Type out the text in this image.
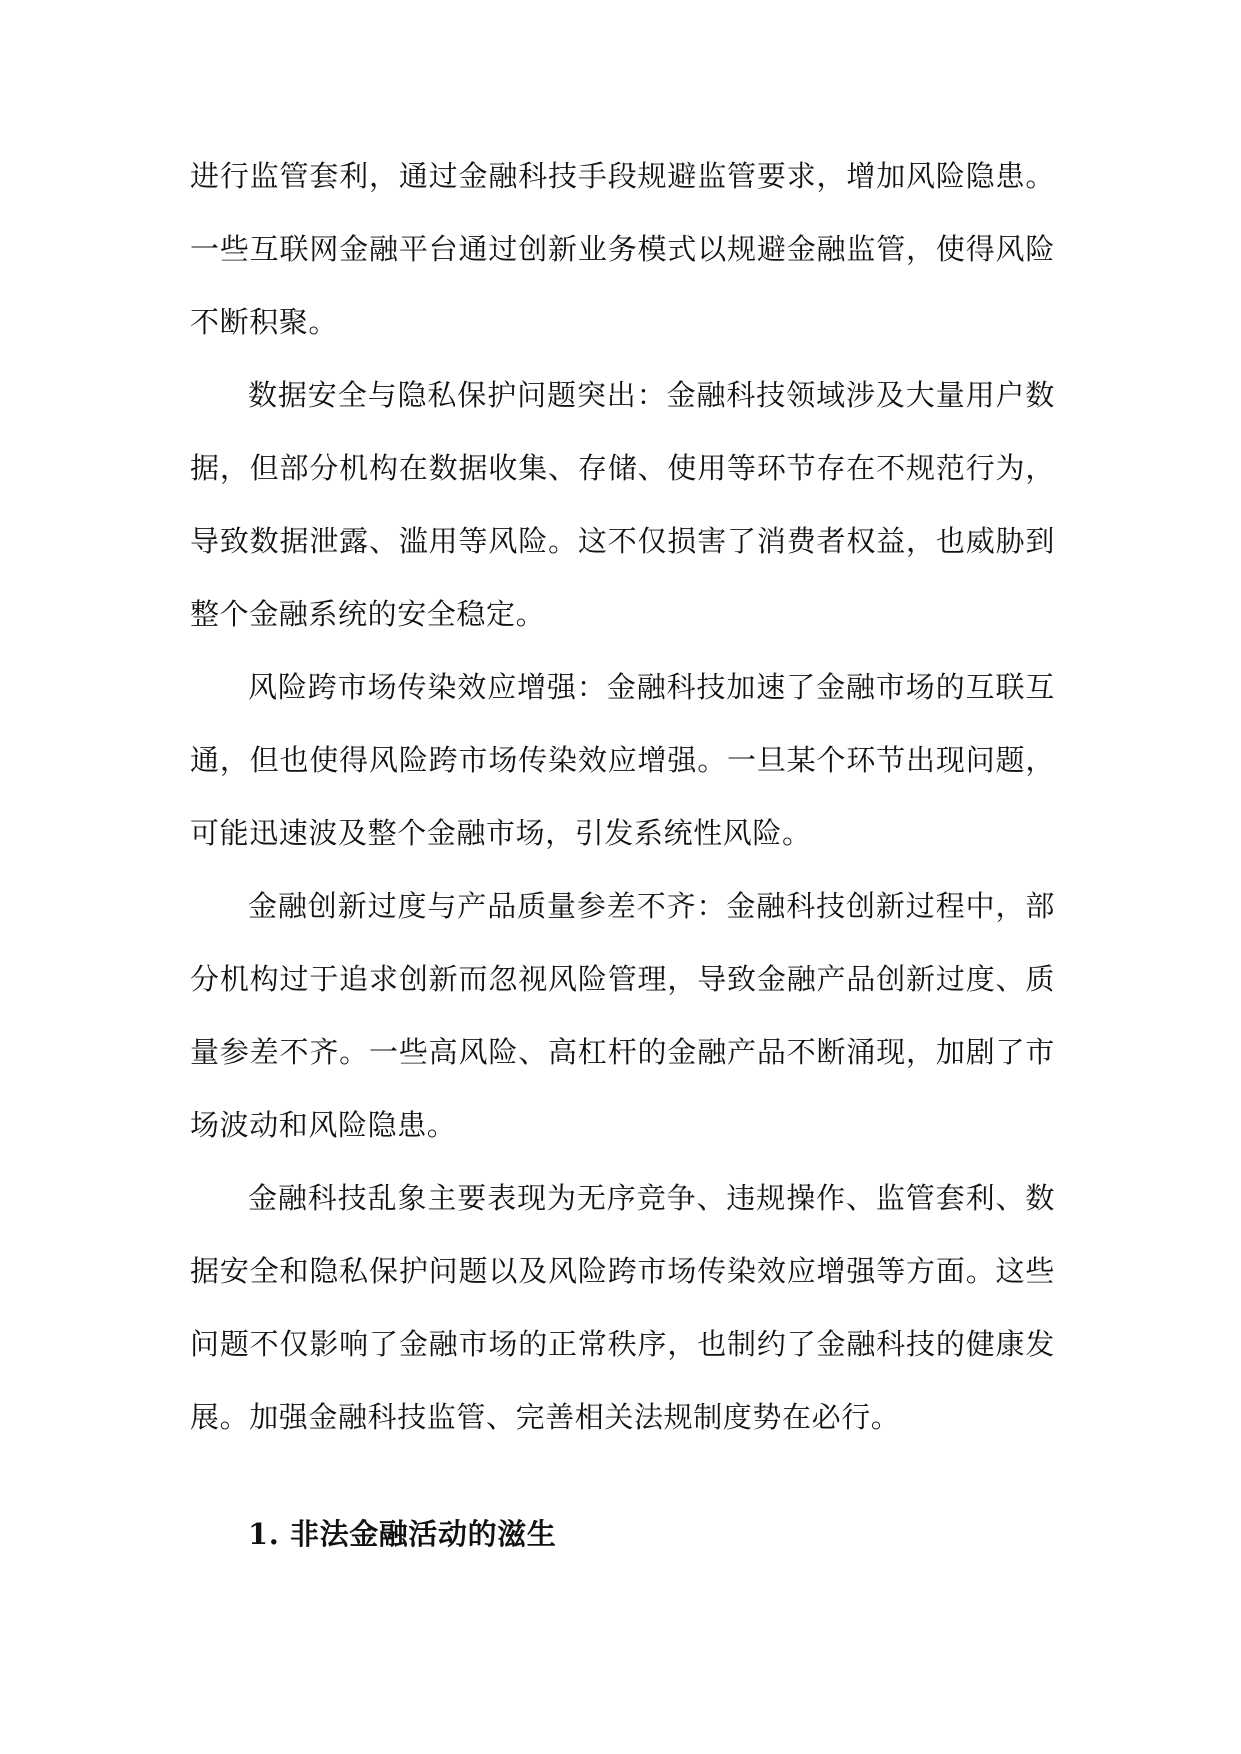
进行监管套利，通过金融科技手段规避监管要求，增加风险隐患。一些互联网金融平台通过创新业务模式以规避金融监管，使得风险不断积聚。

数据安全与隐私保护问题突出：金融科技领域涉及大量用户数据，但部分机构在数据收集、存储、使用等环节存在不规范行为，导致数据泄露、滥用等风险。这不仅损害了消费者权益，也威胁到整个金融系统的安全稳定。

风险跨市场传染效应增强：金融科技加速了金融市场的互联互通，但也使得风险跨市场传染效应增强。一旦某个环节出现问题，可能迅速波及整个金融市场，引发系统性风险。

金融创新过度与产品质量参差不齐：金融科技创新过程中，部分机构过于追求创新而忽视风险管理，导致金融产品创新过度、质量参差不齐。一些高风险、高杠杆的金融产品不断涌现，加剧了市场波动和风险隐患。

金融科技乱象主要表现为无序竞争、违规操作、监管套利、数据安全和隐私保护问题以及风险跨市场传染效应增强等方面。这些问题不仅影响了金融市场的正常秩序，也制约了金融科技的健康发展。加强金融科技监管、完善相关法规制度势在必行。

1. 非法金融活动的滋生
